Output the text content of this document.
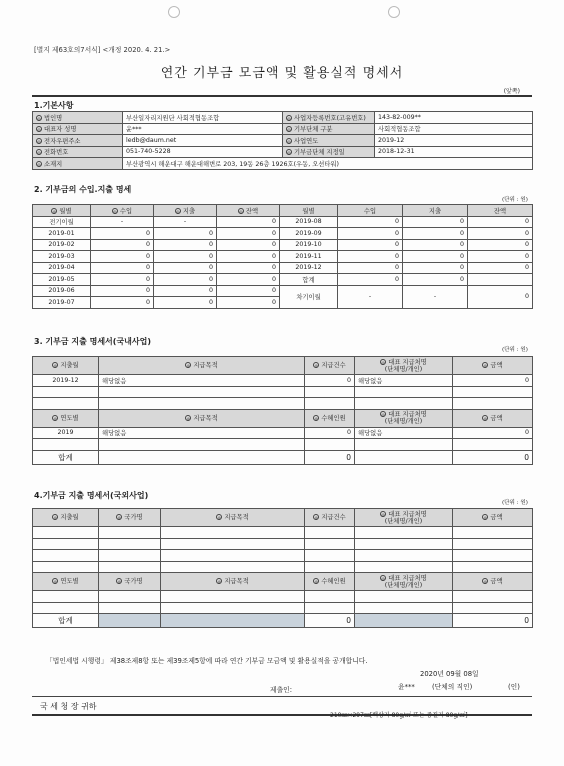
[별지 제63호의7서식] <개정 2020. 4. 21.>
연간 기부금 모금액 및 활용실적 명세서
(앞쪽)
1.기본사항
◎ 법인명	부산일자리지원단 사회적협동조합	◎ 사업자등록번호(고유번호)	143-82-009**
◎ 대표자 성명	윤***	◎ 기부단체 구분	사회적협동조합
◎ 전자우편주소	ledb@daum.net	◎ 사업연도	2019-12
◎ 전화번호	051-740-5228	◎ 기부금단체 지정일	2018-12-31
◎ 소재지	부산광역시 해운대구 해운대해변로 203, 19동 26층 1926호(우동, 오션타워)		
2. 기부금의 수입.지출 명세
(단위 : 원)
◎ 월별	◎ 수입	◎ 지출	◎ 잔액	월별	수입	지출	잔액
전기이월	-	-	0	2019-08	0	0	0
2019-01	0	0	0	2019-09	0	0	0
2019-02	0	0	0	2019-10	0	0	0
2019-03	0	0	0	2019-11	0	0	0
2019-04	0	0	0	2019-12	0	0	0
2019-05	0	0	0	합계	0	0	
2019-06	0	0	0	차기이월	-	-	0
2019-07	0	0	0				
3. 기부금 지출 명세서(국내사업)
(단위 : 원)
◎ 지출월	◎ 지급목적	◎ 지급건수	◎ 대표 지급처명
(단체명/개인)	◎ 금액
2019-12	해당없음	0	해당없음	0

◎ 연도별	◎ 지급목적	◎ 수혜인원	◎ 대표 지급처명
(단체명/개인)	◎ 금액
2019	해당없음	0	해당없음	0

합계		0		0
4.기부금 지출 명세서(국외사업)
(단위 : 원)
◎ 지출월	◎ 국가명	◎ 지급목적	◎ 지급건수	◎ 대표 지급처명
(단체명/개인)	◎ 금액

◎ 연도별	◎ 국가명	◎ 지급목적	◎ 수혜인원	◎ 대표 지급처명
(단체명/개인)	◎ 금액

합계			0		0
「법인세법 시행령」 제38조제8항 또는 제39조제5항에 따라 연간 기부금 모금액 및 활용실적을 공개합니다.
2020년 09월 08일
제출인:	윤***	(단체의 직인)	(인)
국 세 청 장 귀하
210㎜×297㎜[백상지 80g/㎡ 또는 중질지 80g/㎡]
